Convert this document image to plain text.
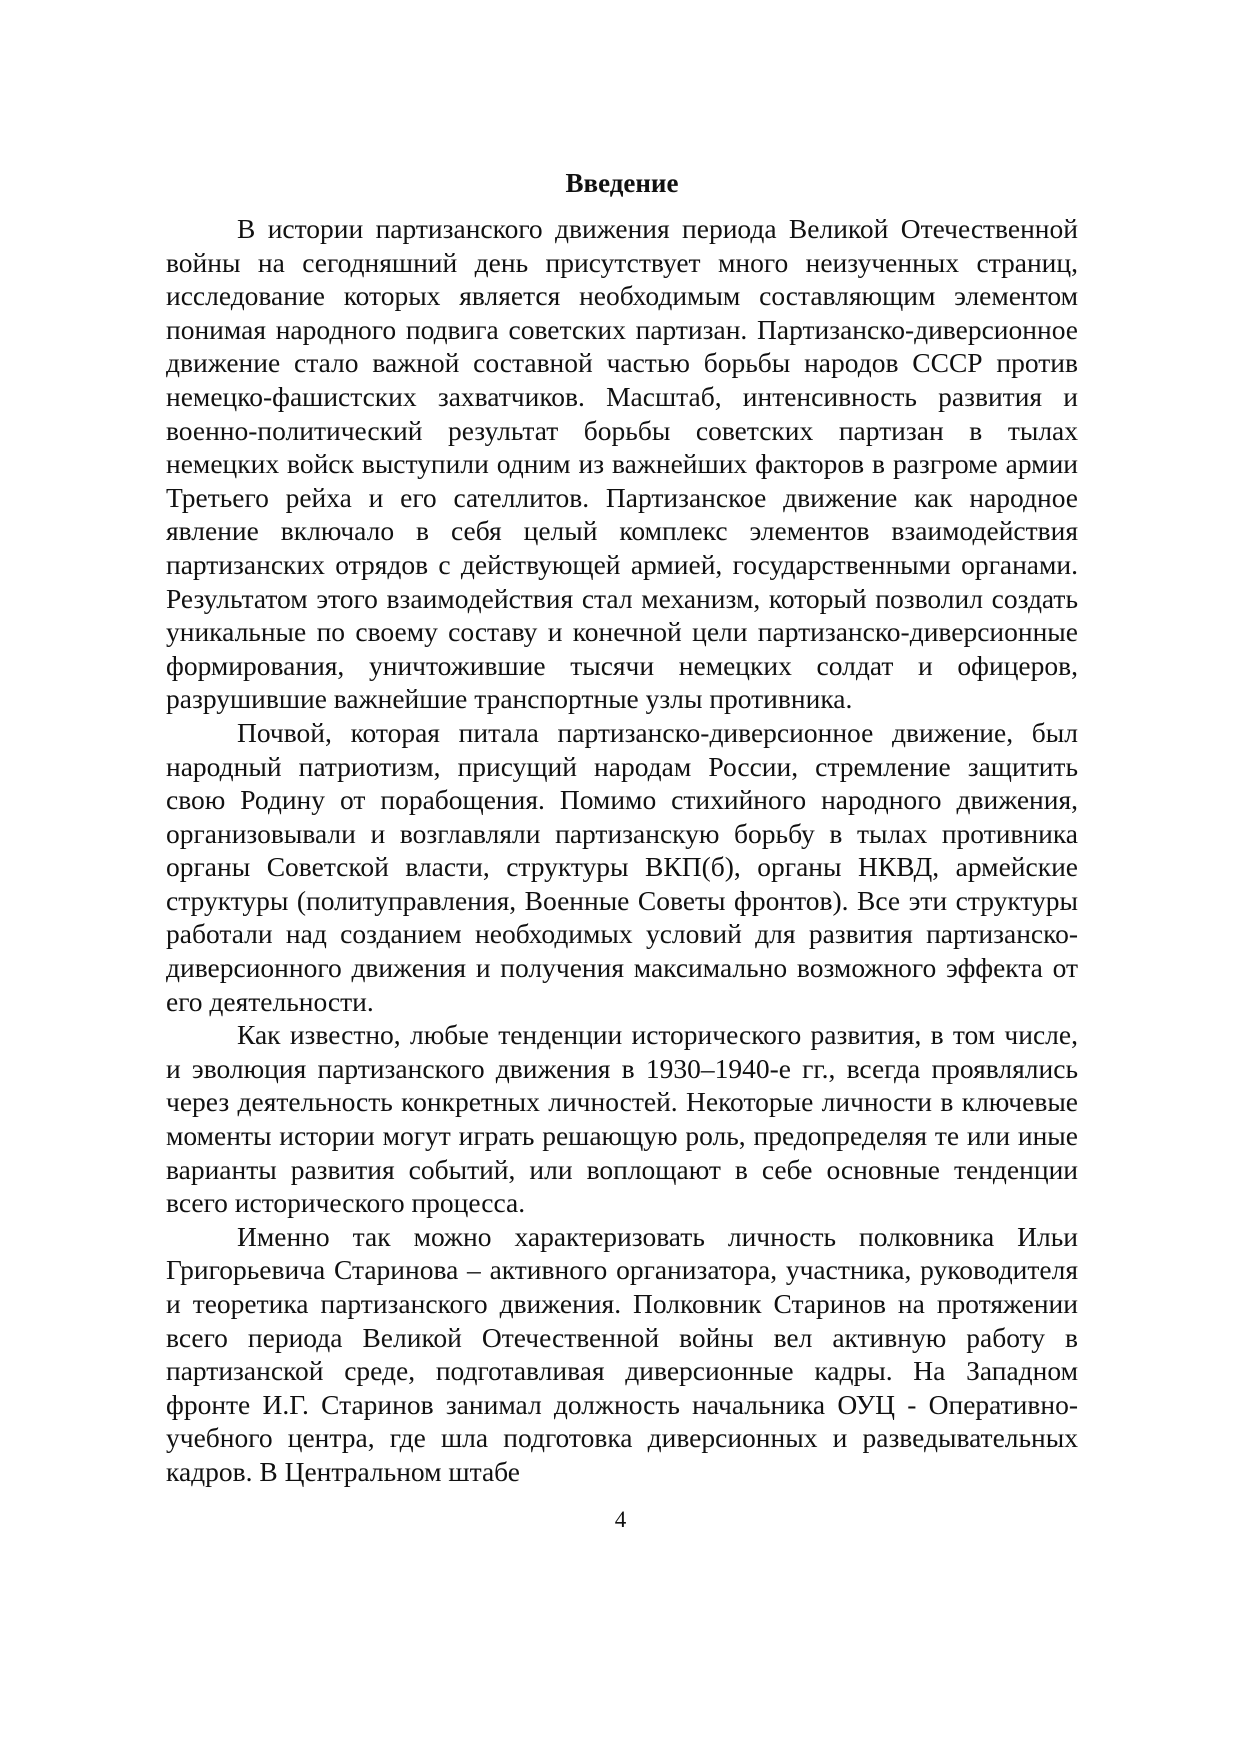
Введение

В истории партизанского движения периода Великой Отечественной войны на сегодняшний день присутствует много неизученных страниц, исследование которых является необходимым составляющим элементом понимая народного подвига советских партизан. Партизанско-диверсионное движение стало важной составной частью борьбы народов СССР против немецко-фашистских захватчиков. Масштаб, интенсивность развития и военно-политический результат борьбы советских партизан в тылах немецких войск выступили одним из важнейших факторов в разгроме армии Третьего рейха и его сателлитов. Партизанское движение как народное явление включало в себя целый комплекс элементов взаимодействия партизанских отрядов с действующей армией, государственными органами. Результатом этого взаимодействия стал механизм, который позволил создать уникальные по своему составу и конечной цели партизанско-диверсионные формирования, уничтожившие тысячи немецких солдат и офицеров, разрушившие важнейшие транспортные узлы противника.

Почвой, которая питала партизанско-диверсионное движение, был народный патриотизм, присущий народам России, стремление защитить свою Родину от порабощения. Помимо стихийного народного движения, организовывали и возглавляли партизанскую борьбу в тылах противника органы Советской власти, структуры ВКП(б), органы НКВД, армейские структуры (политуправления, Военные Советы фронтов). Все эти структуры работали над созданием необходимых условий для развития партизанско-диверсионного движения и получения максимально возможного эффекта от его деятельности.

Как известно, любые тенденции исторического развития, в том числе, и эволюция партизанского движения в 1930–1940-е гг., всегда проявлялись через деятельность конкретных личностей. Некоторые личности в ключевые моменты истории могут играть решающую роль, предопределяя те или иные варианты развития событий, или воплощают в себе основные тенденции всего исторического процесса.

Именно так можно характеризовать личность полковника Ильи Григорьевича Старинова – активного организатора, участника, руководителя и теоретика партизанского движения. Полковник Старинов на протяжении всего периода Великой Отечественной войны вел активную работу в партизанской среде, подготавливая диверсионные кадры. На Западном фронте И.Г. Старинов занимал должность начальника ОУЦ - Оперативно-учебного центра, где шла подготовка диверсионных и разведывательных кадров. В Центральном штабе

4
